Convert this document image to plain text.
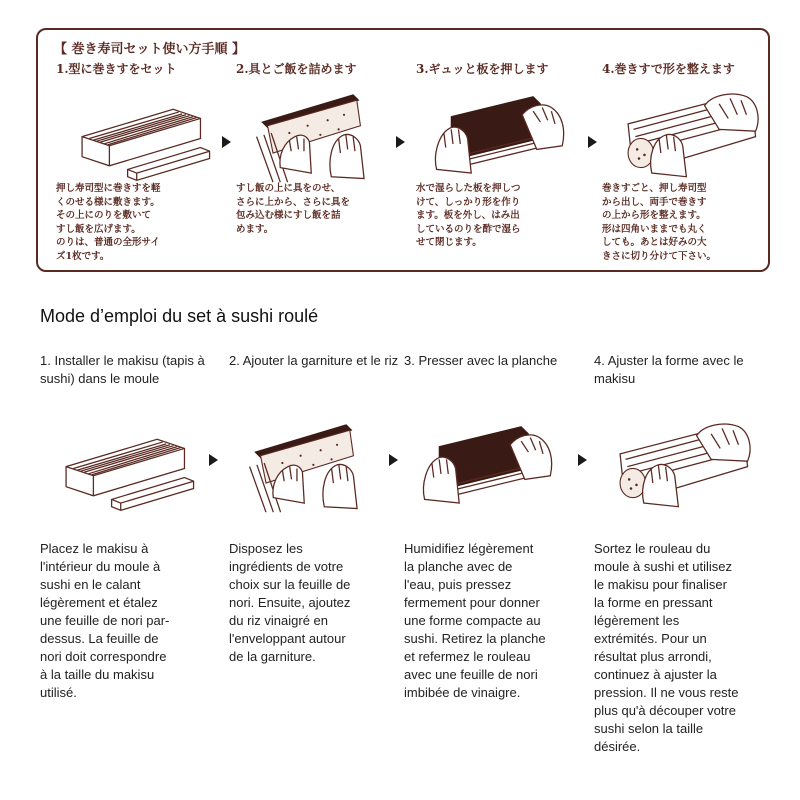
【 巻き寿司セット使い方手順 】
1.型に巻きすをセット
押し寿司型に巻きすを軽
くのせる様に敷きます。
その上にのりを敷いて
すし飯を広げます。
のりは、普通の全形サイ
ズ1枚です。
2.具とご飯を詰めます
すし飯の上に具をのせ、
さらに上から、さらに具を
包み込む様にすし飯を詰
めます。
3.ギュッと板を押します
水で湿らした板を押しつ
けて、しっかり形を作り
ます。板を外し、はみ出
しているのりを酢で湿ら
せて閉じます。
4.巻きすで形を整えます
巻きすごと、押し寿司型
から出し、両手で巻きす
の上から形を整えます。
形は四角いままでも丸く
しても。あとは好みの大
きさに切り分けて下さい。
Mode d’emploi du set à sushi roulé
1. Installer le makisu (tapis à sushi) dans le moule
Placez le makisu à
l'intérieur du moule à
sushi en le calant
légèrement et étalez
une feuille de nori par-
dessus. La feuille de
nori doit correspondre
à la taille du makisu
utilisé.
2. Ajouter la garniture et le riz
Disposez les
ingrédients de votre
choix sur la feuille de
nori. Ensuite, ajoutez
du riz vinaigré en
l'enveloppant autour
de la garniture.
3. Presser avec la planche
Humidifiez légèrement
la planche avec de
l'eau, puis pressez
fermement pour donner
une forme compacte au
sushi. Retirez la planche
et refermez le rouleau
avec une feuille de nori
imbibée de vinaigre.
4. Ajuster la forme avec le makisu
Sortez le rouleau du
moule à sushi et utilisez
le makisu pour finaliser
la forme en pressant
légèrement les
extrémités. Pour un
résultat plus arrondi,
continuez à ajuster la
pression. Il ne vous reste
plus qu'à découper votre
sushi selon la taille
désirée.
